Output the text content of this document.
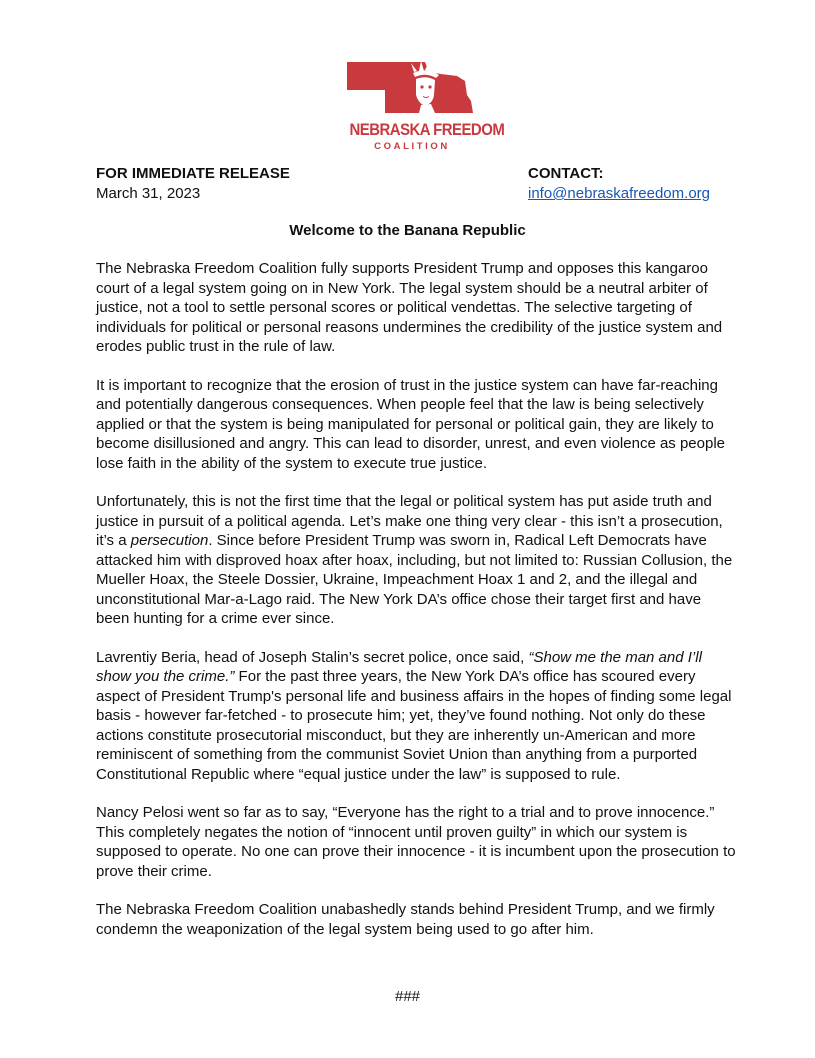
NEBRASKA FREEDOM
COALITION
FOR IMMEDIATE RELEASE
March 31, 2023
CONTACT:
info@nebraskafreedom.org
Welcome to the Banana Republic

The Nebraska Freedom Coalition fully supports President Trump and opposes this kangaroo court of a legal system going on in New York. The legal system should be a neutral arbiter of justice, not a tool to settle personal scores or political vendettas. The selective targeting of individuals for political or personal reasons undermines the credibility of the justice system and erodes public trust in the rule of law.

It is important to recognize that the erosion of trust in the justice system can have far-reaching and potentially dangerous consequences. When people feel that the law is being selectively applied or that the system is being manipulated for personal or political gain, they are likely to become disillusioned and angry. This can lead to disorder, unrest, and even violence as people lose faith in the ability of the system to execute true justice.

Unfortunately, this is not the first time that the legal or political system has put aside truth and justice in pursuit of a political agenda. Let’s make one thing very clear - this isn’t a prosecution, it’s a persecution. Since before President Trump was sworn in, Radical Left Democrats have attacked him with disproved hoax after hoax, including, but not limited to: Russian Collusion, the Mueller Hoax, the Steele Dossier, Ukraine, Impeachment Hoax 1 and 2, and the illegal and unconstitutional Mar-a-Lago raid. The New York DA’s office chose their target first and have been hunting for a crime ever since.

Lavrentiy Beria, head of Joseph Stalin’s secret police, once said, “Show me the man and I’ll show you the crime.” For the past three years, the New York DA’s office has scoured every aspect of President Trump's personal life and business affairs in the hopes of finding some legal basis - however far-fetched - to prosecute him; yet, they’ve found nothing. Not only do these actions constitute prosecutorial misconduct, but they are inherently un-American and more reminiscent of something from the communist Soviet Union than anything from a purported Constitutional Republic where “equal justice under the law” is supposed to rule.

Nancy Pelosi went so far as to say, “Everyone has the right to a trial and to prove innocence.” This completely negates the notion of “innocent until proven guilty” in which our system is supposed to operate. No one can prove their innocence - it is incumbent upon the prosecution to prove their crime.

The Nebraska Freedom Coalition unabashedly stands behind President Trump, and we firmly condemn the weaponization of the legal system being used to go after him.

###
